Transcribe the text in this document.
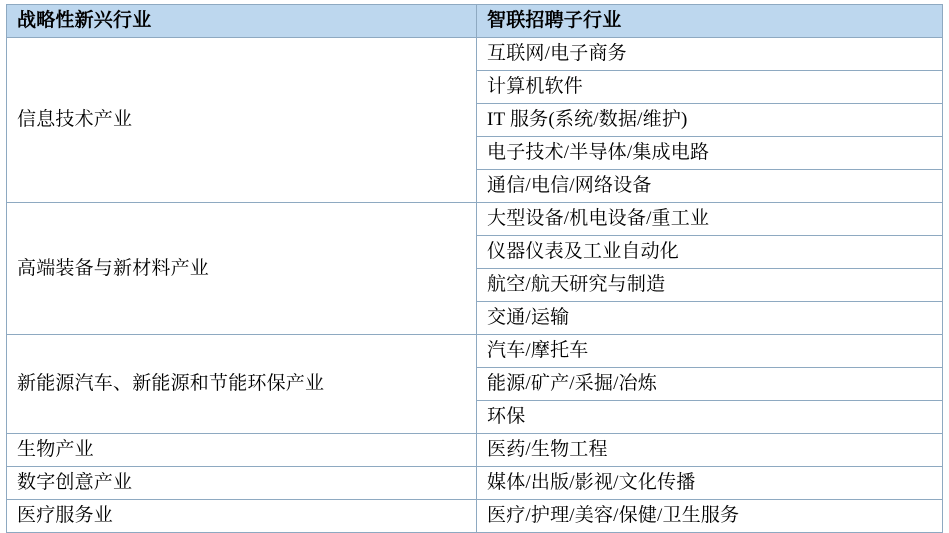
战略性新兴行业	智联招聘子行业
信息技术产业	互联网/电子商务
	计算机软件
	IT 服务(系统/数据/维护)
	电子技术/半导体/集成电路
	通信/电信/网络设备
高端装备与新材料产业	大型设备/机电设备/重工业
	仪器仪表及工业自动化
	航空/航天研究与制造
	交通/运输
新能源汽车、新能源和节能环保产业	汽车/摩托车
	能源/矿产/采掘/冶炼
	环保
生物产业	医药/生物工程
数字创意产业	媒体/出版/影视/文化传播
医疗服务业	医疗/护理/美容/保健/卫生服务
